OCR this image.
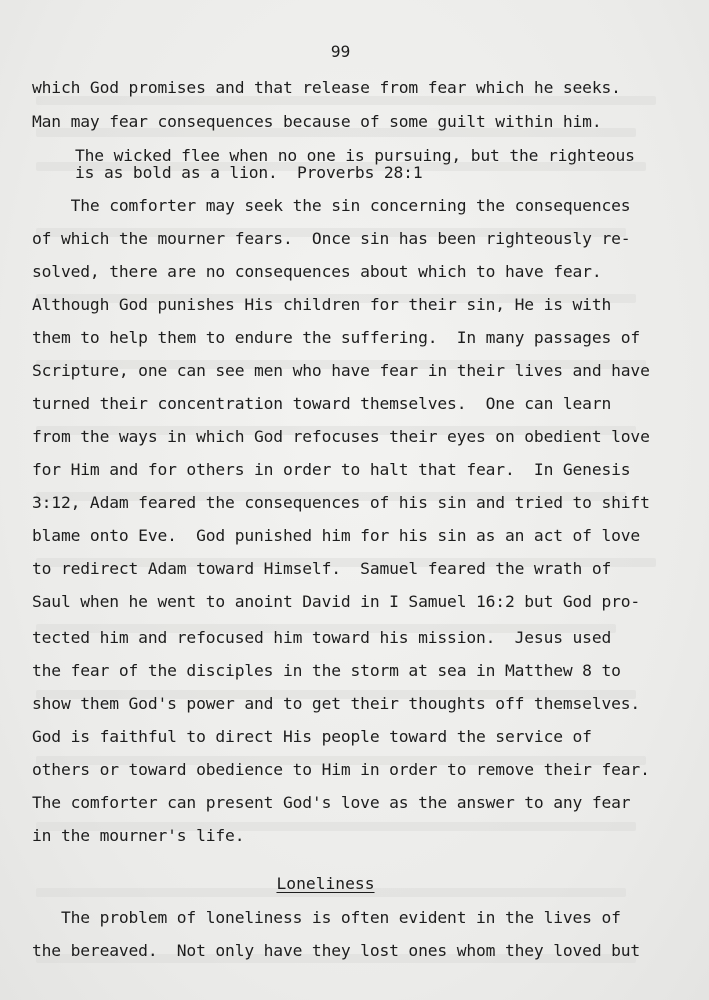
99
which God promises and that release from fear which he seeks.
Man may fear consequences because of some guilt within him.
The wicked flee when no one is pursuing, but the righteous
is as bold as a lion.  Proverbs 28:1
The comforter may seek the sin concerning the consequences
of which the mourner fears.  Once sin has been righteously re-
solved, there are no consequences about which to have fear.
Although God punishes His children for their sin, He is with
them to help them to endure the suffering.  In many passages of
Scripture, one can see men who have fear in their lives and have
turned their concentration toward themselves.  One can learn
from the ways in which God refocuses their eyes on obedient love
for Him and for others in order to halt that fear.  In Genesis
3:12, Adam feared the consequences of his sin and tried to shift
blame onto Eve.  God punished him for his sin as an act of love
to redirect Adam toward Himself.  Samuel feared the wrath of
Saul when he went to anoint David in I Samuel 16:2 but God pro-
tected him and refocused him toward his mission.  Jesus used
the fear of the disciples in the storm at sea in Matthew 8 to
show them God's power and to get their thoughts off themselves.
God is faithful to direct His people toward the service of
others or toward obedience to Him in order to remove their fear.
The comforter can present God's love as the answer to any fear
in the mourner's life.
Loneliness
The problem of loneliness is often evident in the lives of
the bereaved.  Not only have they lost ones whom they loved but
